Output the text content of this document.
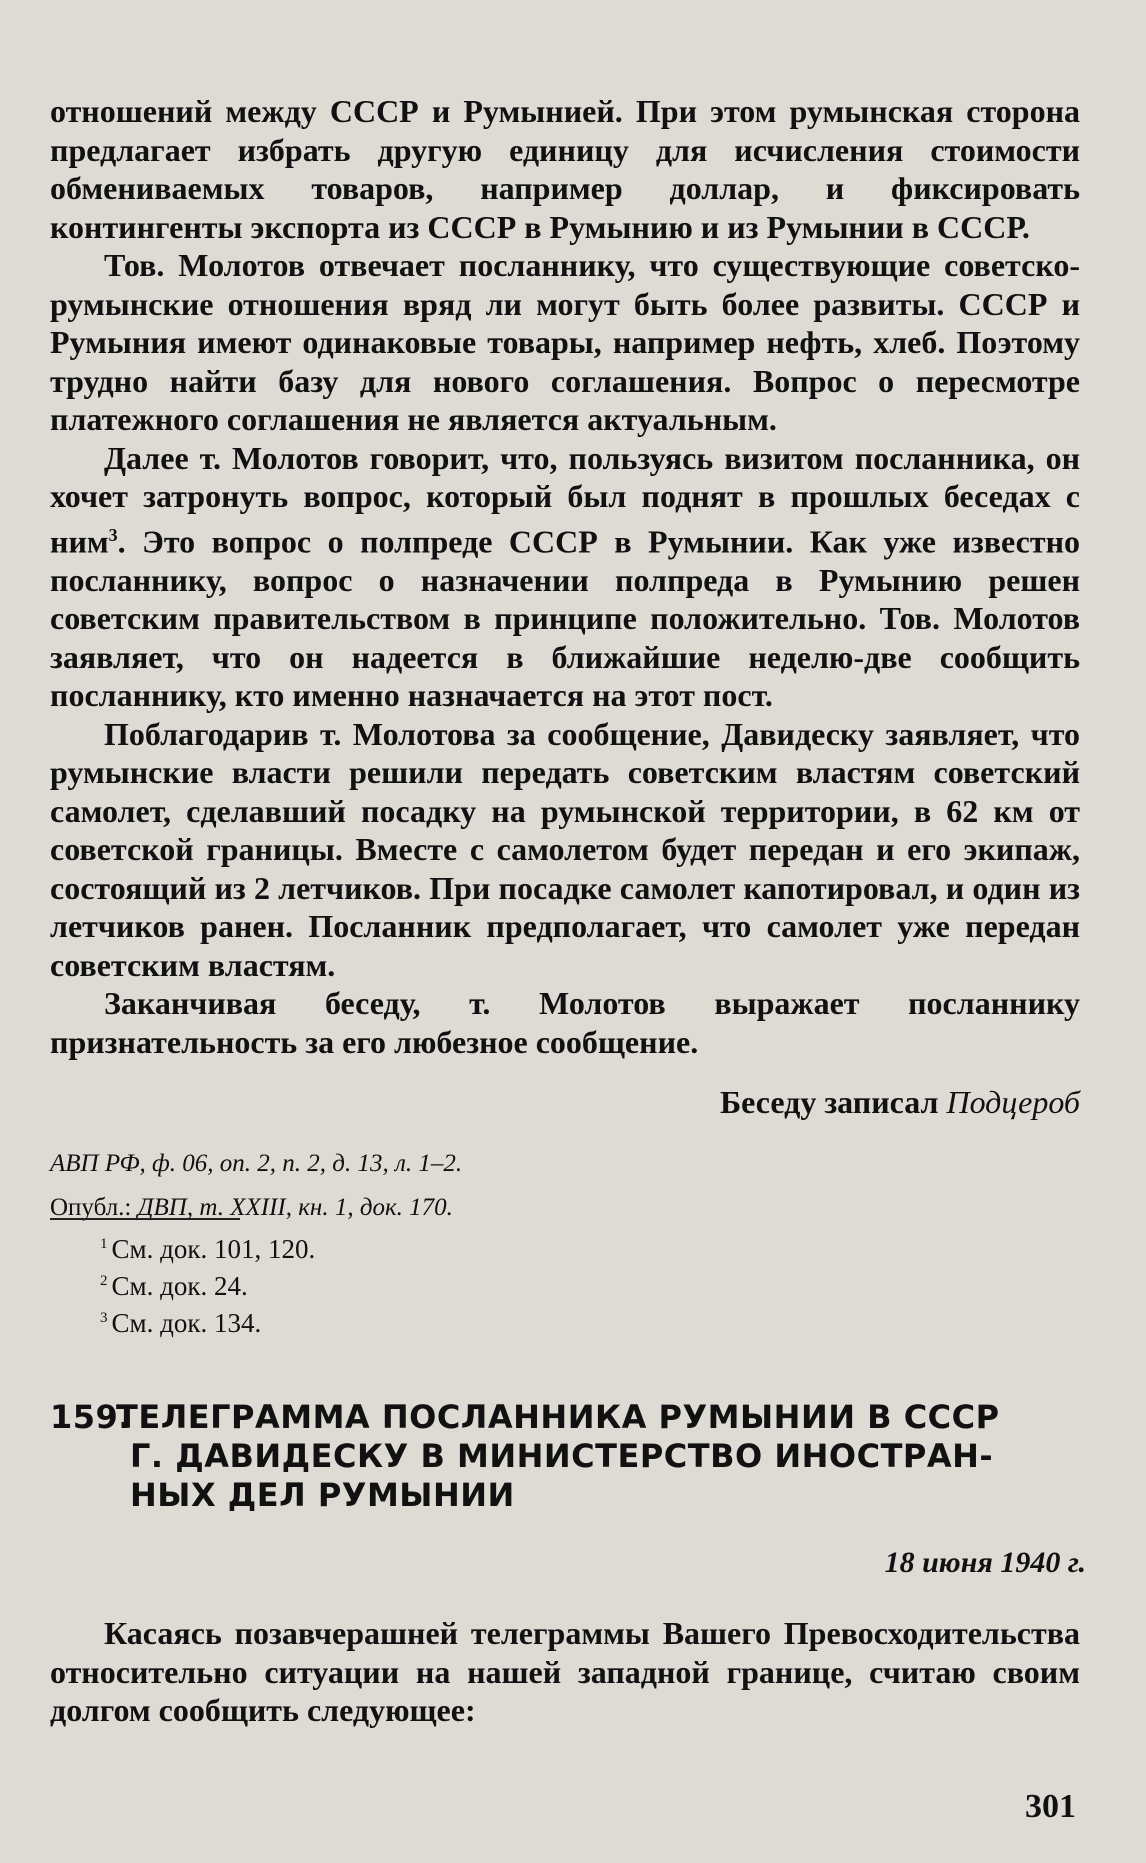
отношений между СССР и Румынией. При этом румынская сторона предлагает избрать другую единицу для исчисления стоимости обмениваемых товаров, например доллар, и фиксировать контингенты экспорта из СССР в Румынию и из Румынии в СССР.

Тов. Молотов отвечает посланнику, что существующие советско-румынские отношения вряд ли могут быть более развиты. СССР и Румыния имеют одинаковые товары, например нефть, хлеб. Поэтому трудно найти базу для нового соглашения. Вопрос о пересмотре платежного соглашения не является актуальным.

Далее т. Молотов говорит, что, пользуясь визитом посланника, он хочет затронуть вопрос, который был поднят в прошлых беседах с ним$^3$. Это вопрос о полпреде СССР в Румынии. Как уже известно посланнику, вопрос о назначении полпреда в Румынию решен советским правительством в принципе положительно. Тов. Молотов заявляет, что он надеется в ближайшие неделю-две сообщить посланнику, кто именно назначается на этот пост.

Поблагодарив т. Молотова за сообщение, Давидеску заявляет, что румынские власти решили передать советским властям советский самолет, сделавший посадку на румынской территории, в 62 км от советской границы. Вместе с самолетом будет передан и его экипаж, состоящий из 2 летчиков. При посадке самолет капотировал, и один из летчиков ранен. Посланник предполагает, что самолет уже передан советским властям.

Заканчивая беседу, т. Молотов выражает посланнику признательность за его любезное сообщение.

Беседу записал Подцероб
АВП РФ, ф. 06, оп. 2, п. 2, д. 13, л. 1–2.
Опубл.: ДВП, т. XXIII, кн. 1, док. 170.

$^1$ См. док. 101, 120.

$^2$ См. док. 24.

$^3$ См. док. 134.

159.ТЕЛЕГРАММА ПОСЛАННИКА РУМЫНИИ В СССР
Г. ДАВИДЕСКУ В МИНИСТЕРСТВО ИНОСТРАН-
НЫХ ДЕЛ РУМЫНИИ
18 июня 1940 г.

Касаясь позавчерашней телеграммы Вашего Превосходительства относительно ситуации на нашей западной границе, считаю своим долгом сообщить следующее:

301
